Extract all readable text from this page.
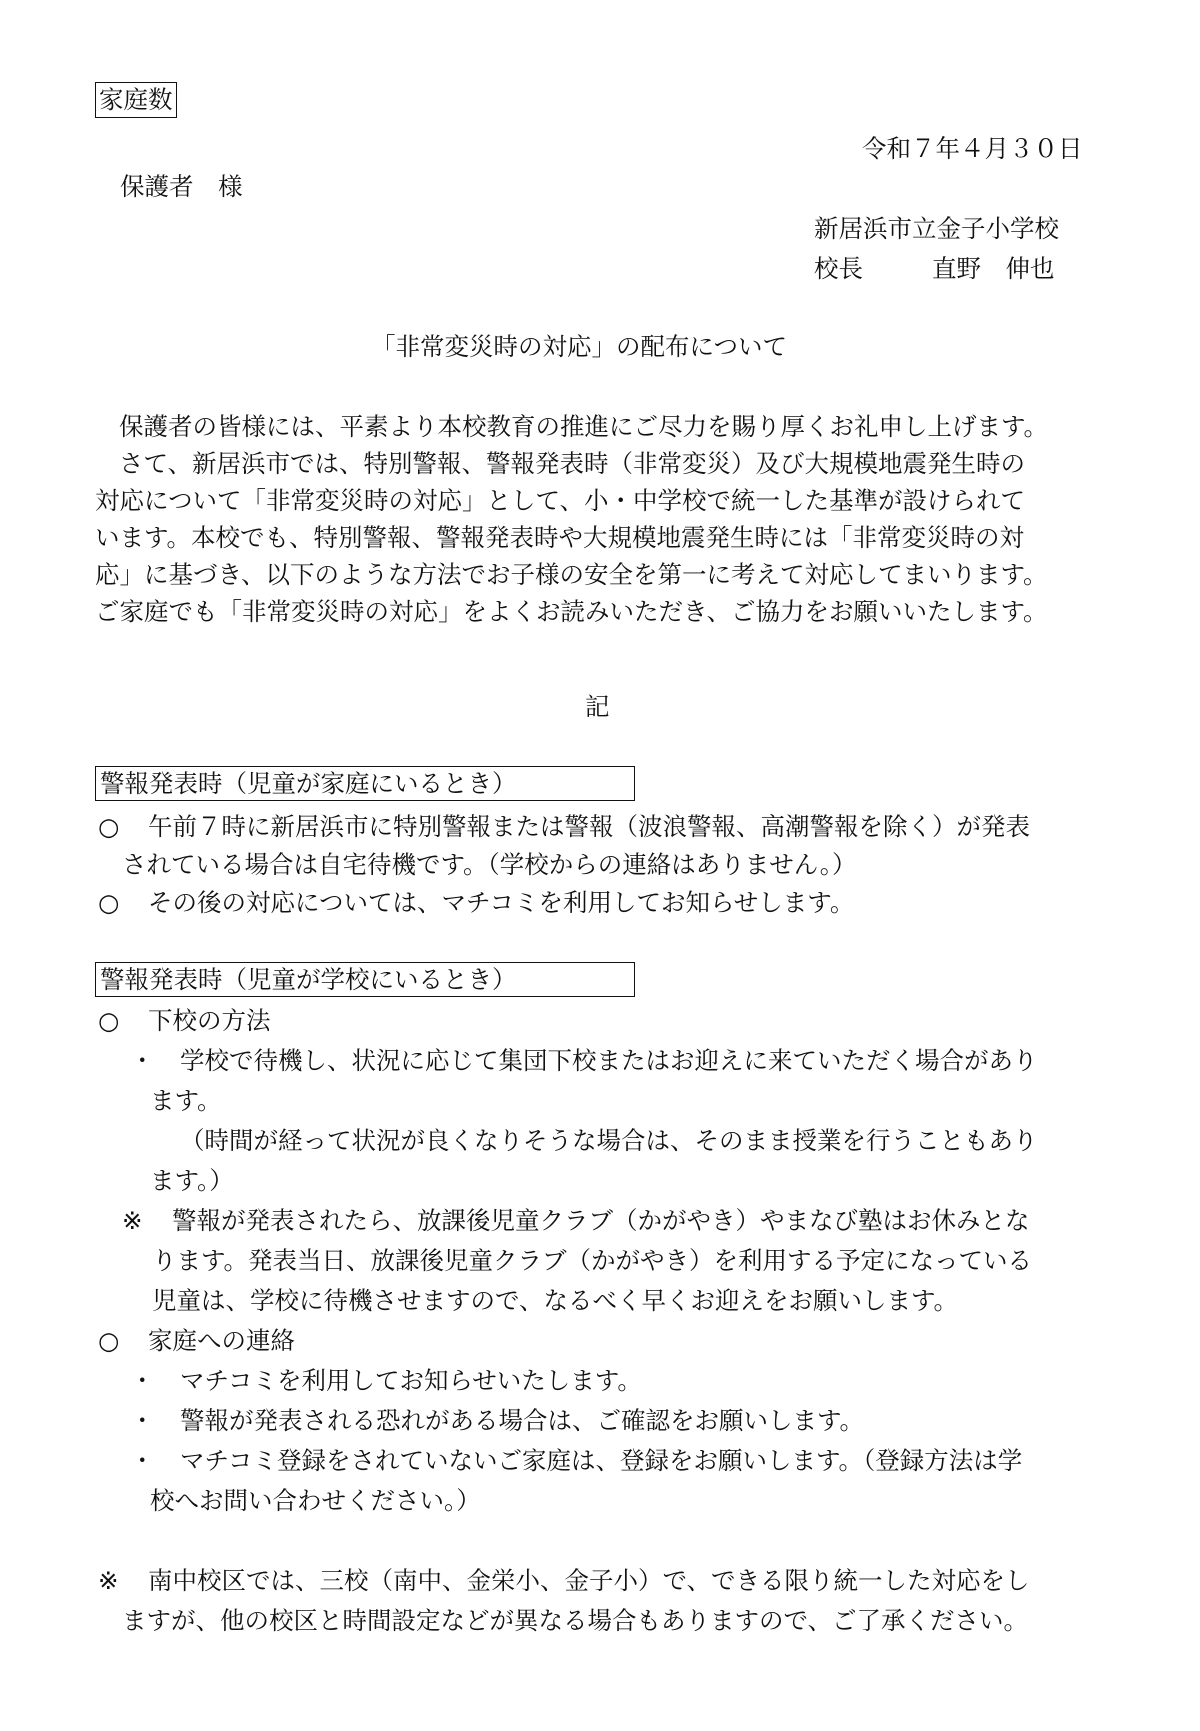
家庭数
令和７年４月３０日
保護者　様
新居浜市立金子小学校
校長	直野　伸也
「非常変災時の対応」の配布について
保護者の皆様には、平素より本校教育の推進にご尽力を賜り厚くお礼申し上げます。
さて、新居浜市では、特別警報、警報発表時（非常変災）及び大規模地震発生時の
対応について「非常変災時の対応」として、小・中学校で統一した基準が設けられて
います。本校でも、特別警報、警報発表時や大規模地震発生時には「非常変災時の対
応」に基づき、以下のような方法でお子様の安全を第一に考えて対応してまいります。
ご家庭でも「非常変災時の対応」をよくお読みいただき、ご協力をお願いいたします。
記
警報発表時（児童が家庭にいるとき）
○ 午前７時に新居浜市に特別警報または警報（波浪警報、高潮警報を除く）が発表
されている場合は自宅待機です。（学校からの連絡はありません。）
○ その後の対応については、マチコミを利用してお知らせします。
警報発表時（児童が学校にいるとき）
○ 下校の方法
・ 学校で待機し、状況に応じて集団下校またはお迎えに来ていただく場合があり
ます。
（時間が経って状況が良くなりそうな場合は、そのまま授業を行うこともあり
ます。）
※ 警報が発表されたら、放課後児童クラブ（かがやき）やまなび塾はお休みとな
ります。発表当日、放課後児童クラブ（かがやき）を利用する予定になっている
児童は、学校に待機させますので、なるべく早くお迎えをお願いします。
○ 家庭への連絡
・ マチコミを利用してお知らせいたします。
・ 警報が発表される恐れがある場合は、ご確認をお願いします。
・ マチコミ登録をされていないご家庭は、登録をお願いします。（登録方法は学
校へお問い合わせください。）
※ 南中校区では、三校（南中、金栄小、金子小）で、できる限り統一した対応をし
ますが、他の校区と時間設定などが異なる場合もありますので、ご了承ください。
